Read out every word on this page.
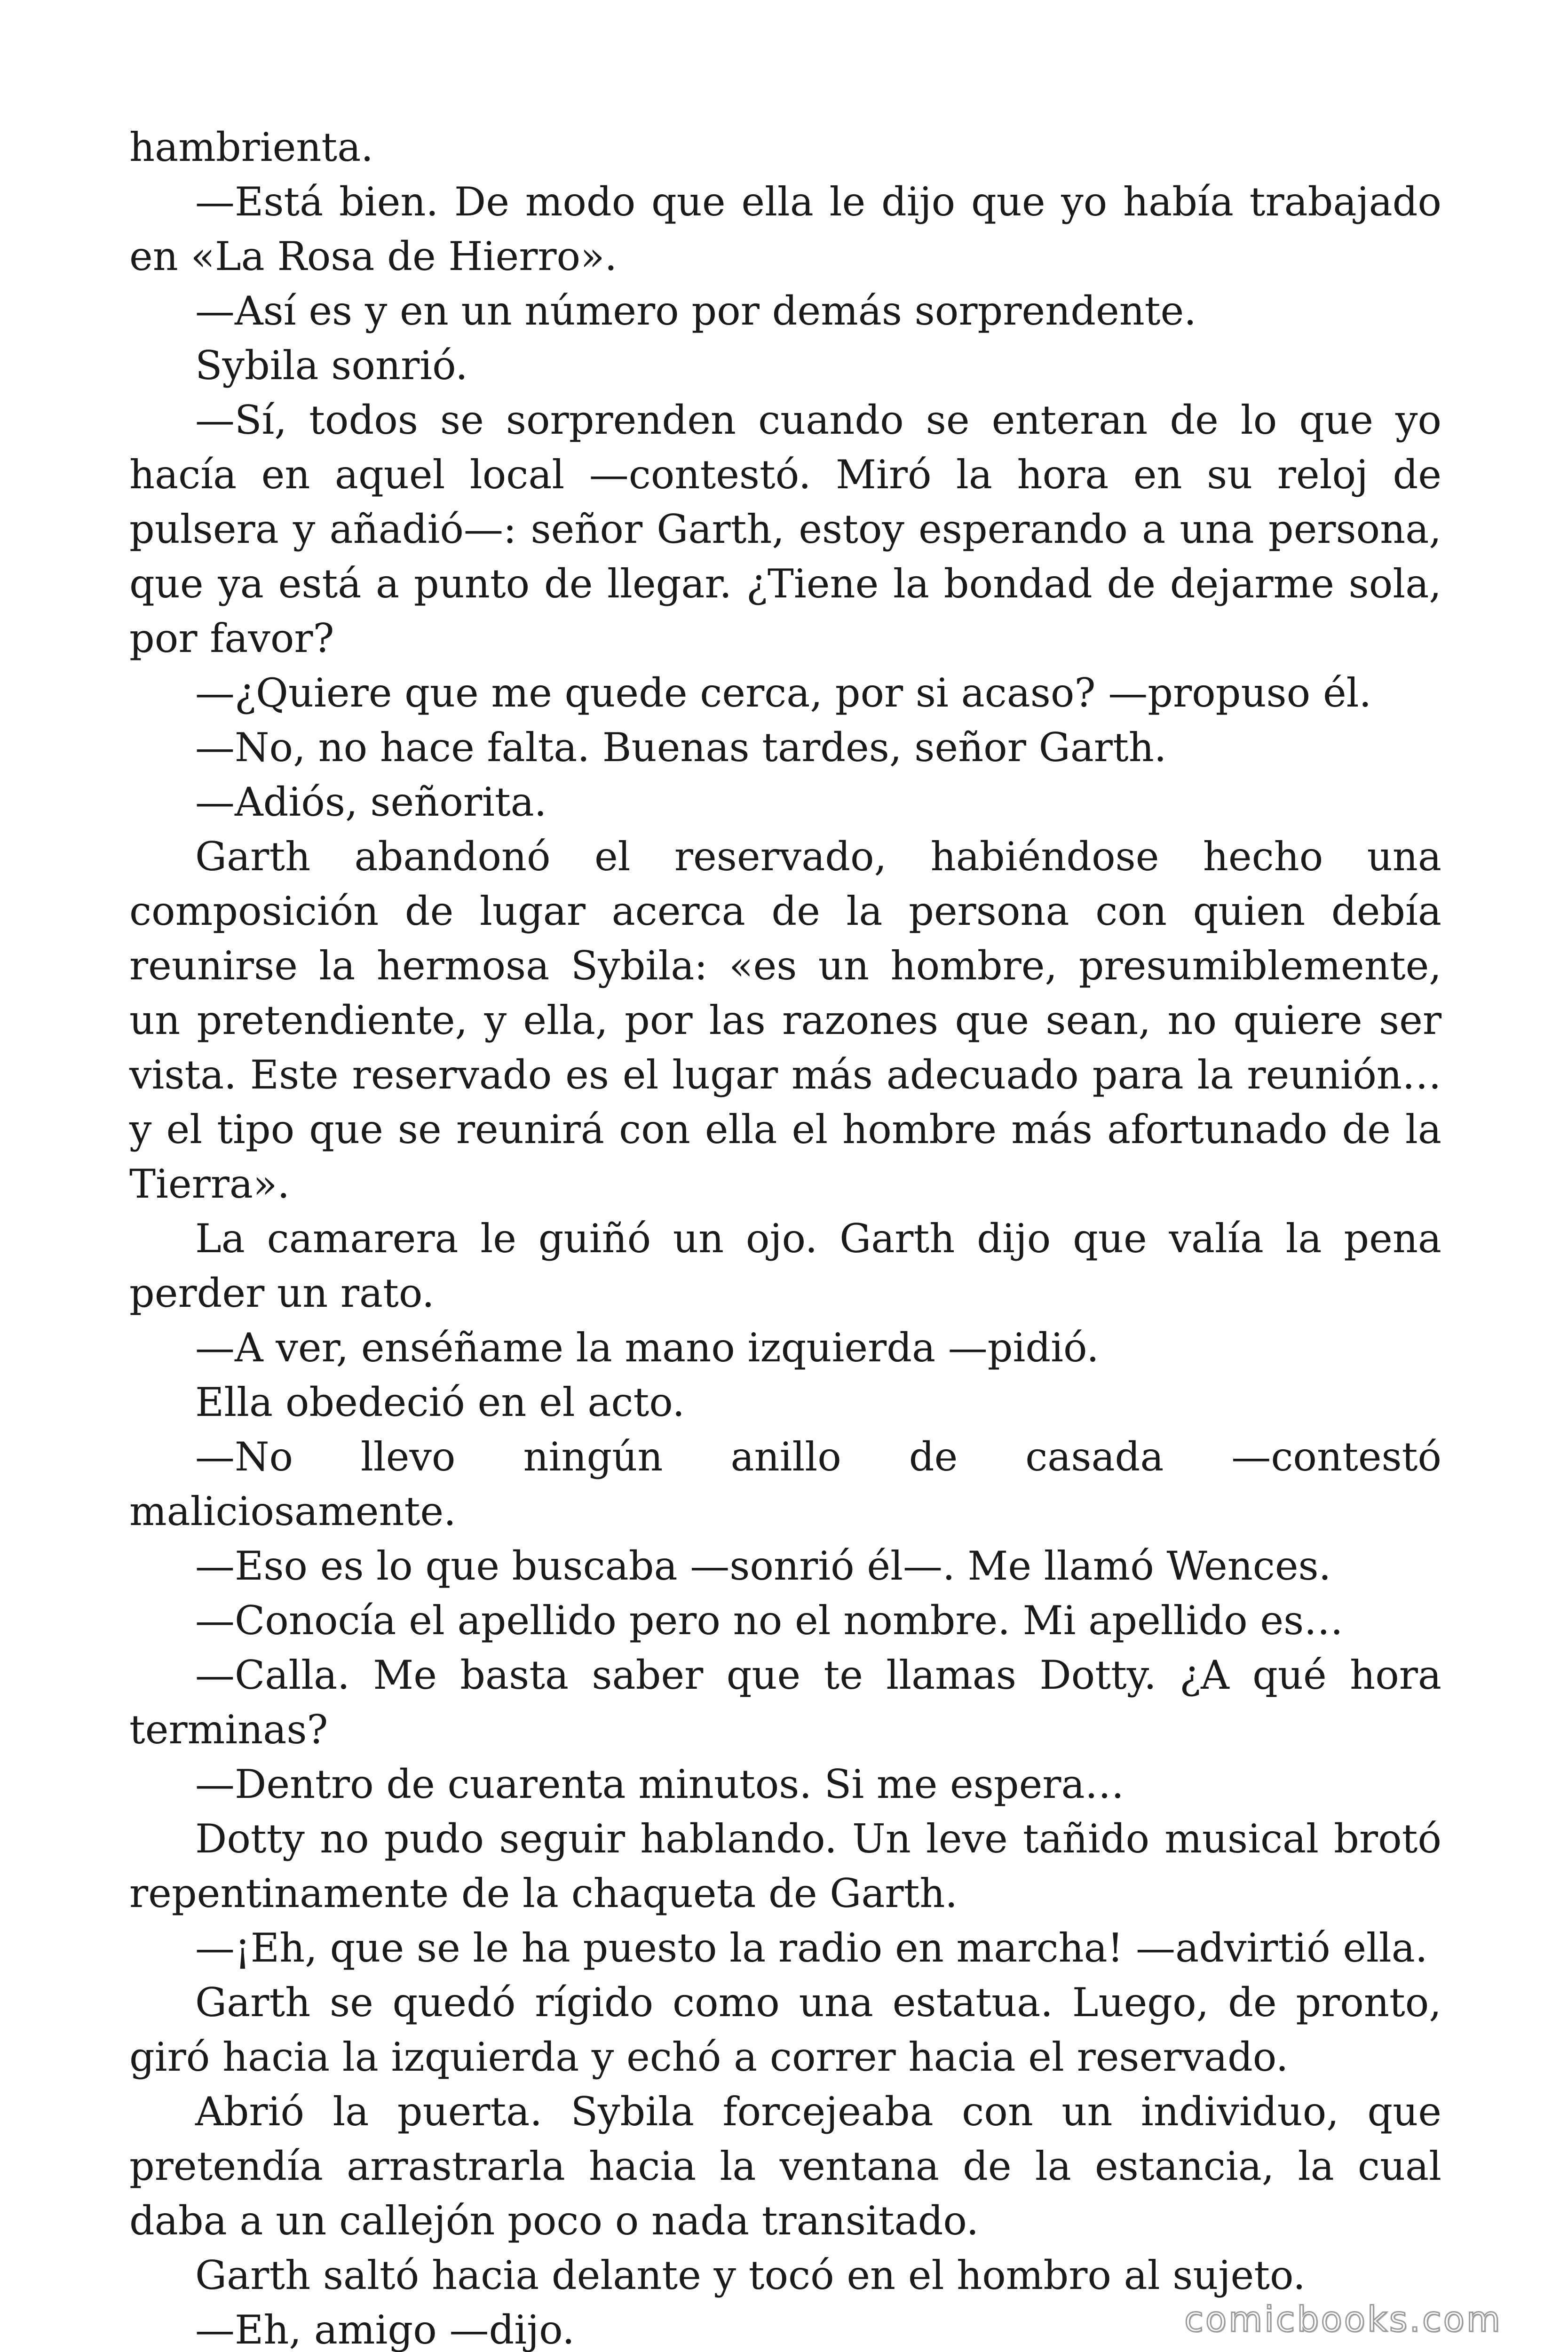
hambrienta.

—Está bien. De modo que ella le dijo que yo había trabajado en «La Rosa de Hierro».

—Así es y en un número por demás sorprendente.

Sybila sonrió.

—Sí, todos se sorprenden cuando se enteran de lo que yo hacía en aquel local —contestó. Miró la hora en su reloj de pulsera y añadió—: señor Garth, estoy esperando a una persona, que ya está a punto de llegar. ¿Tiene la bondad de dejarme sola, por favor?

—¿Quiere que me quede cerca, por si acaso? —propuso él.

—No, no hace falta. Buenas tardes, señor Garth.

—Adiós, señorita.

Garth abandonó el reservado, habiéndose hecho una composición de lugar acerca de la persona con quien debía reunirse la hermosa Sybila: «es un hombre, presumiblemente, un pretendiente, y ella, por las razones que sean, no quiere ser vista. Este reservado es el lugar más adecuado para la reunión… y el tipo que se reunirá con ella el hombre más afortunado de la Tierra».

La camarera le guiñó un ojo. Garth dijo que valía la pena perder un rato.

—A ver, enséñame la mano izquierda —pidió.

Ella obedeció en el acto.

—No llevo ningún anillo de casada —contestó maliciosamente.

—Eso es lo que buscaba —sonrió él—. Me llamó Wences.

—Conocía el apellido pero no el nombre. Mi apellido es…

—Calla. Me basta saber que te llamas Dotty. ¿A qué hora terminas?

—Dentro de cuarenta minutos. Si me espera…

Dotty no pudo seguir hablando. Un leve tañido musical brotó repentinamente de la chaqueta de Garth.

—¡Eh, que se le ha puesto la radio en marcha! —advirtió ella.

Garth se quedó rígido como una estatua. Luego, de pronto, giró hacia la izquierda y echó a correr hacia el reservado.

Abrió la puerta. Sybila forcejeaba con un individuo, que pretendía arrastrarla hacia la ventana de la estancia, la cual daba a un callejón poco o nada transitado.

Garth saltó hacia delante y tocó en el hombro al sujeto.

—Eh, amigo —dijo.	comicbooks.com
